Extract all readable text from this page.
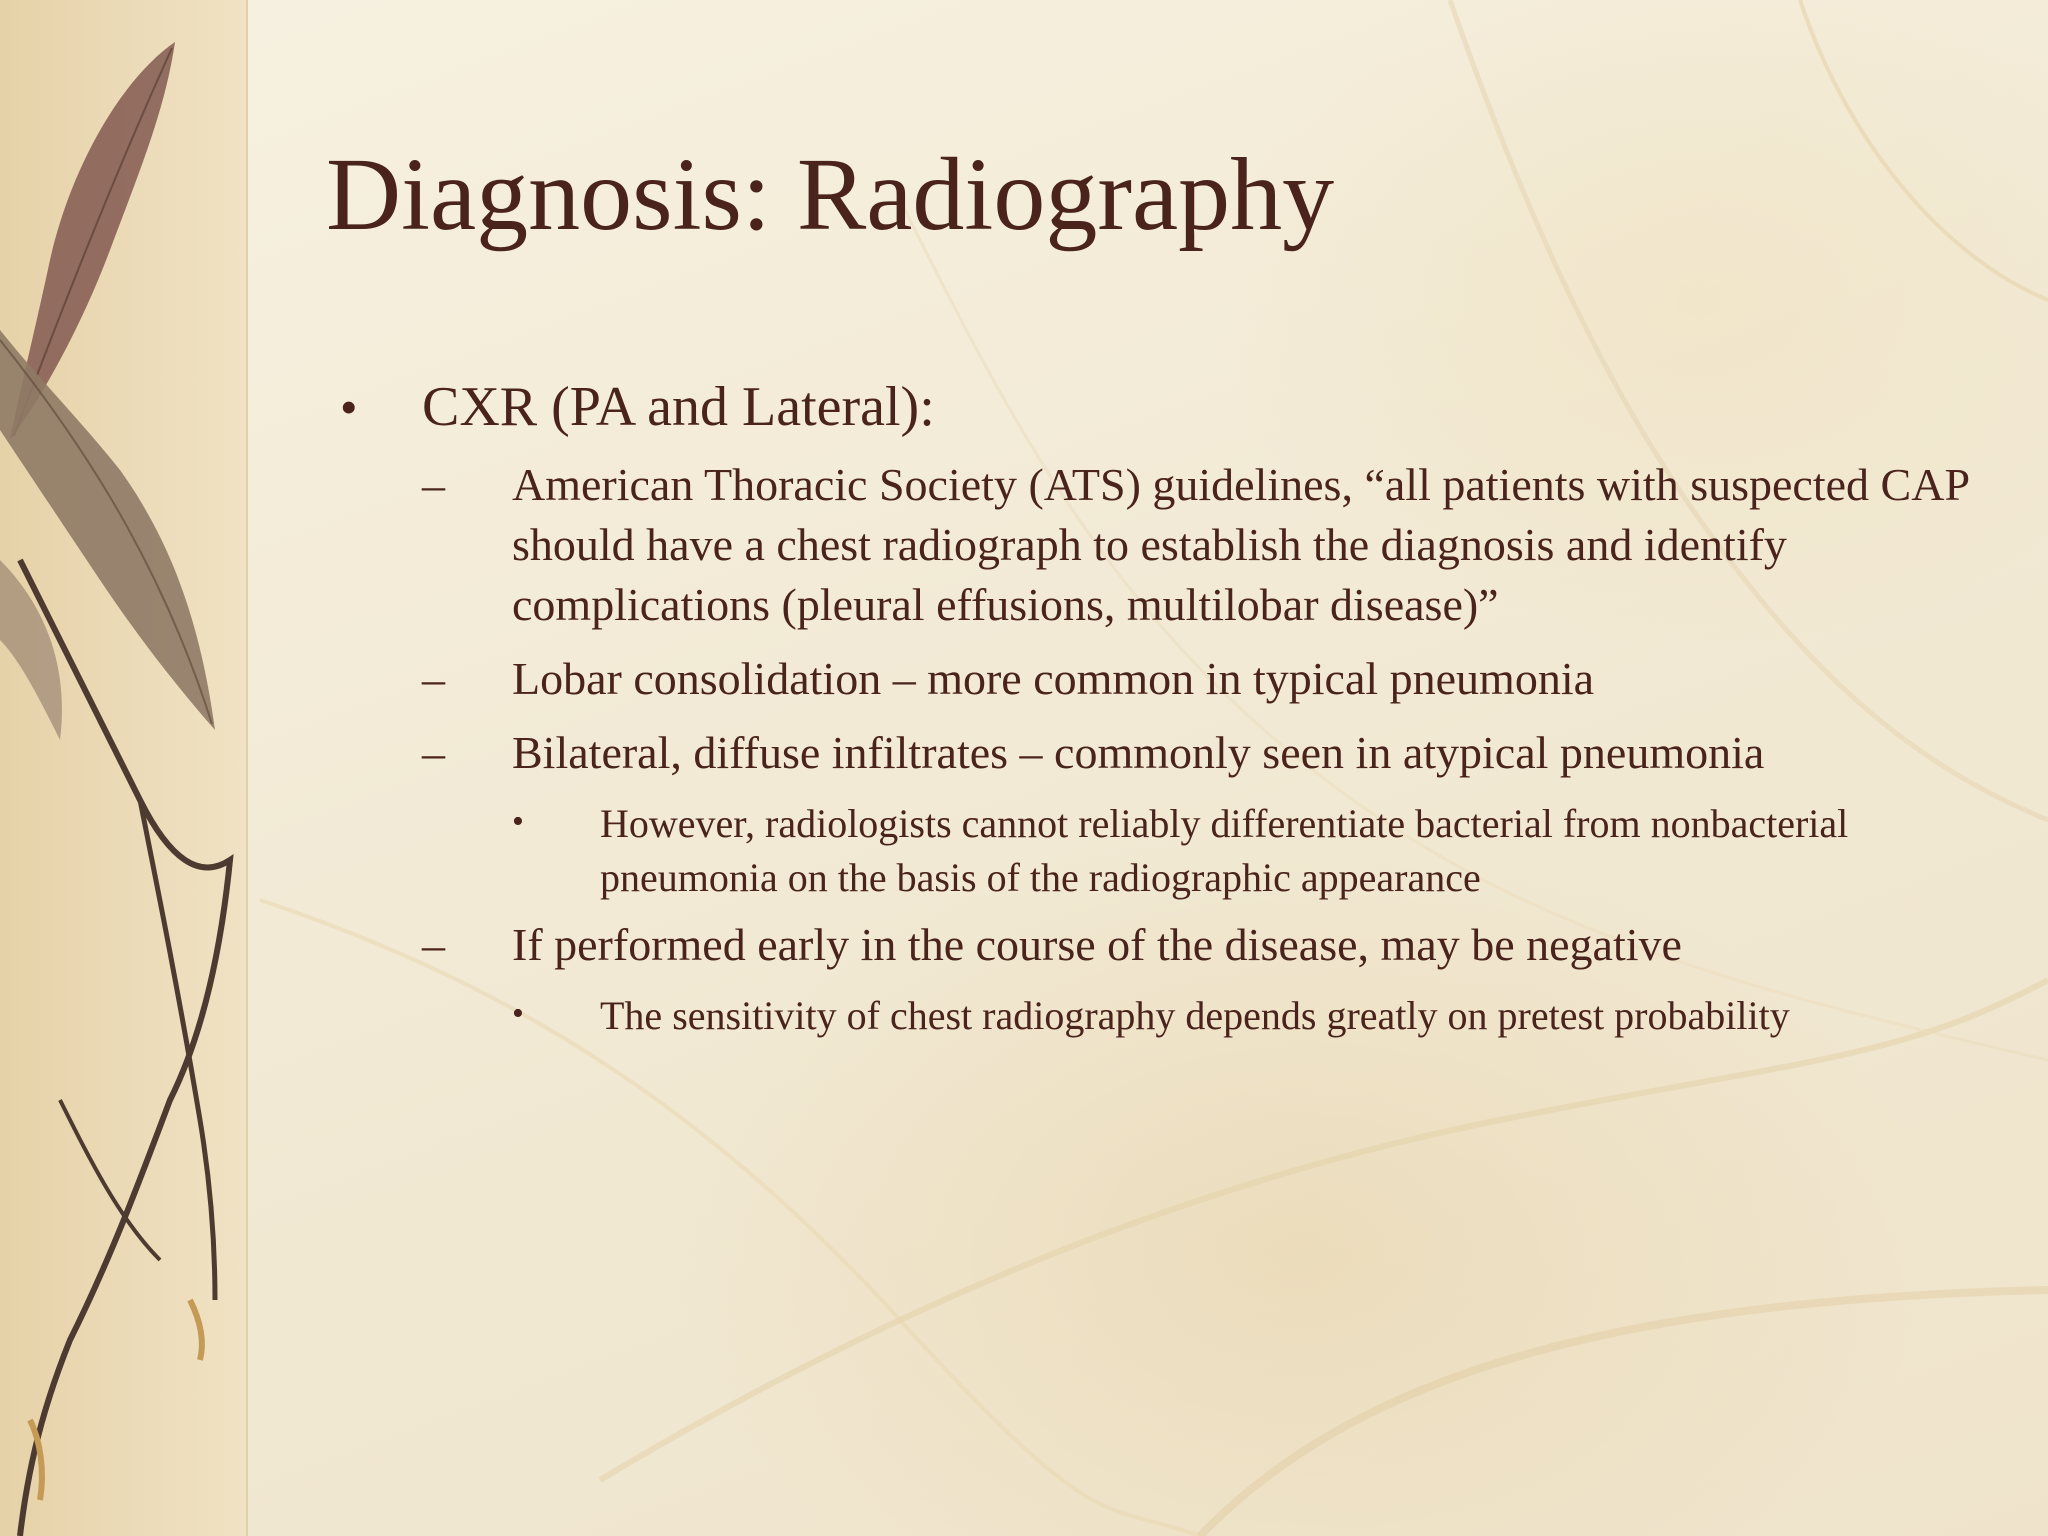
Diagnosis: Radiography
• CXR (PA and Lateral):
– American Thoracic Society (ATS) guidelines, “all patients with suspected CAP should have a chest radiograph to establish the diagnosis and identify complications (pleural effusions, multilobar disease)”
– Lobar consolidation – more common in typical pneumonia
– Bilateral, diffuse infiltrates – commonly seen in atypical pneumonia
• However, radiologists cannot reliably differentiate bacterial from nonbacterial pneumonia on the basis of the radiographic appearance
– If performed early in the course of the disease, may be negative
• The sensitivity of chest radiography depends greatly on pretest probability
